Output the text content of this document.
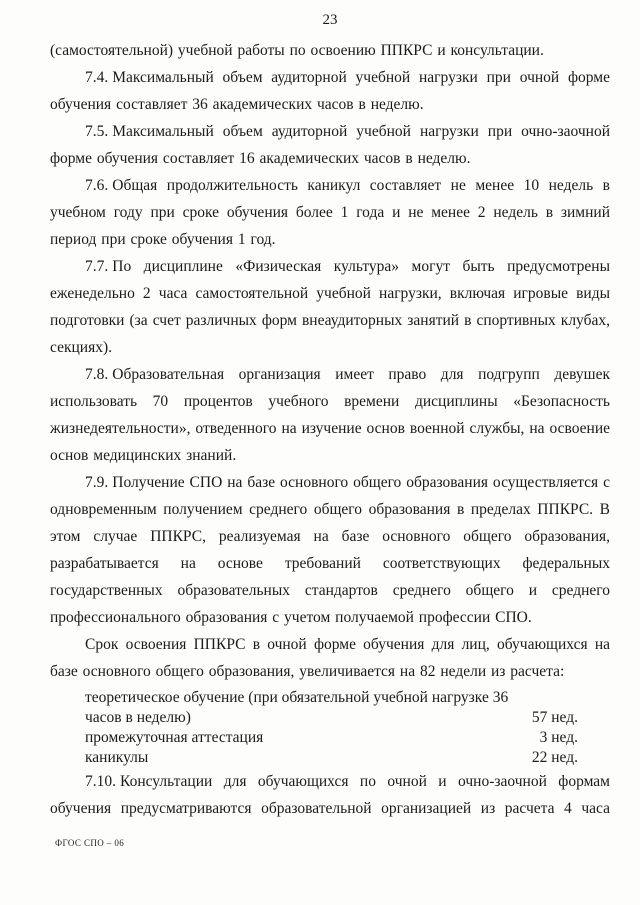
23

(самостоятельной) учебной работы по освоению ППКРС и консультации.

7.4. Максимальный объем аудиторной учебной нагрузки при очной форме обучения составляет 36 академических часов в неделю.

7.5. Максимальный объем аудиторной учебной нагрузки при очно-заочной форме обучения составляет 16 академических часов в неделю.

7.6. Общая продолжительность каникул составляет не менее 10 недель в учебном году при сроке обучения более 1 года и не менее 2 недель в зимний период при сроке обучения 1 год.

7.7. По дисциплине «Физическая культура» могут быть предусмотрены еженедельно 2 часа самостоятельной учебной нагрузки, включая игровые виды подготовки (за счет различных форм внеаудиторных занятий в спортивных клубах, секциях).

7.8. Образовательная организация имеет право для подгрупп девушек использовать 70 процентов учебного времени дисциплины «Безопасность жизнедеятельности», отведенного на изучение основ военной службы, на освоение основ медицинских знаний.

7.9. Получение СПО на базе основного общего образования осуществляется с одновременным получением среднего общего образования в пределах ППКРС. В этом случае ППКРС, реализуемая на базе основного общего образования, разрабатывается на основе требований соответствующих федеральных государственных образовательных стандартов среднего общего и среднего профессионального образования с учетом получаемой профессии СПО.

Срок освоения ППКРС в очной форме обучения для лиц, обучающихся на базе основного общего образования, увеличивается на 82 недели из расчета:

теоретическое обучение (при обязательной учебной нагрузке 36 часов в неделю)	57 нед.
промежуточная аттестация	3 нед.
каникулы	22 нед.

7.10. Консультации для обучающихся по очной и очно-заочной формам обучения предусматриваются образовательной организацией из расчета 4 часа

ФГОС СПО – 06
